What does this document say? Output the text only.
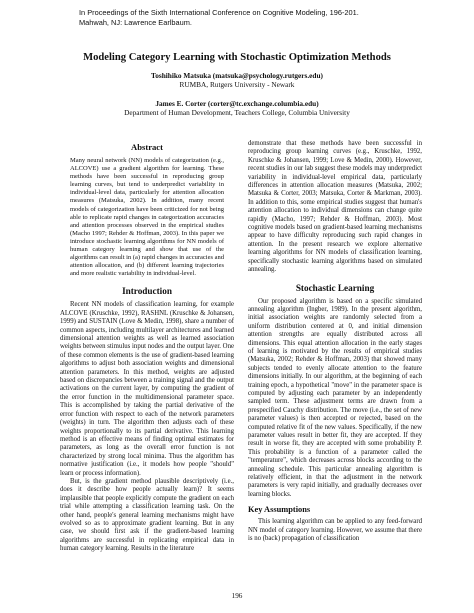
In Proceedings of the Sixth International Conference on Cognitive Modeling, 196-201.
Mahwah, NJ: Lawrence Earlbaum.
Modeling Category Learning with Stochastic Optimization Methods
Toshihiko Matsuka (matsuka@psychology.rutgers.edu)
RUMBA, Rutgers University - Newark
James E. Corter (corter@tc.exchange.columbia.edu)
Department of Human Development, Teachers College, Columbia University
Abstract

Many neural network (NN) models of categorization (e.g., ALCOVE) use a gradient algorithm for learning. These methods have been successful in reproducing group learning curves, but tend to underpredict variability in individual-level data, particularly for attention allocation measures (Matsuka, 2002). In addition, many recent models of categorization have been criticized for not being able to replicate rapid changes in categorization accuracies and attention processes observed in the empirical studies (Macho 1997; Rehder & Hoffman, 2003). In this paper we introduce stochastic learning algorithms for NN models of human category learning and show that use of the algorithms can result in (a) rapid changes in accuracies and attention allocation, and (b) different learning trajectories and more realistic variability in individual-level.

Introduction

Recent NN models of classification learning, for example ALCOVE (Kruschke, 1992), RASHNL (Kruschke & Johansen, 1999) and SUSTAIN (Love & Medin, 1998), share a number of common aspects, including multilayer architectures and learned dimensional attention weights as well as learned association weights between stimulus input nodes and the output layer. One of these common elements is the use of gradient-based learning algorithms to adjust both association weights and dimensional attention parameters. In this method, weights are adjusted based on discrepancies between a training signal and the output activations on the current layer, by computing the gradient of the error function in the multidimensional parameter space. This is accomplished by taking the partial derivative of the error function with respect to each of the network parameters (weights) in turn. The algorithm then adjusts each of these weights proportionally to its partial derivative. This learning method is an effective means of finding optimal estimates for parameters, as long as the overall error function is not characterized by strong local minima. Thus the algorithm has normative justification (i.e., it models how people "should" learn or process information).

But, is the gradient method plausible descriptively (i.e., does it describe how people actually learn)? It seems implausible that people explicitly compute the gradient on each trial while attempting a classification learning task. On the other hand, people's general learning mechanisms might have evolved so as to approximate gradient learning. But in any case, we should first ask if the gradient-based learning algorithms are successful in replicating empirical data in human category learning. Results in the literature

demonstrate that these methods have been successful in reproducing group learning curves (e.g., Kruschke, 1992, Kruschke & Johansen, 1999; Love & Medin, 2000). However, recent studies in our lab suggest these models may underpredict variability in individual-level empirical data, particularly differences in attention allocation measures (Matsuka, 2002; Matsuka & Corter, 2003; Matsuka, Corter & Markman, 2003). In addition to this, some empirical studies suggest that human's attention allocation to individual dimensions can change quite rapidly (Macho, 1997; Rehder & Hoffman, 2003). Most cognitive models based on gradient-based learning mechanisms appear to have difficulty reproducing such rapid changes in attention. In the present research we explore alternative learning algorithms for NN models of classification learning, specifically stochastic learning algorithms based on simulated annealing.

Stochastic Learning

Our proposed algorithm is based on a specific simulated annealing algorithm (Ingber, 1989). In the present algorithm, initial association weights are randomly selected from a uniform distribution centered at 0, and initial dimension attention strengths are equally distributed across all dimensions. This equal attention allocation in the early stages of learning is motivated by the results of empirical studies (Matsuka, 2002; Rehder & Hoffman, 2003) that showed many subjects tended to evenly allocate attention to the feature dimensions initially. In our algorithm, at the beginning of each training epoch, a hypothetical "move" in the parameter space is computed by adjusting each parameter by an independently sampled term. These adjustment terms are drawn from a prespecified Cauchy distribution. The move (i.e., the set of new parameter values) is then accepted or rejected, based on the computed relative fit of the new values. Specifically, if the new parameter values result in better fit, they are accepted. If they result in worse fit, they are accepted with some probability P. This probability is a function of a parameter called the "temperature", which decreases across blocks according to the annealing schedule. This particular annealing algorithm is relatively efficient, in that the adjustment in the network parameters is very rapid initially, and gradually decreases over learning blocks.

Key Assumptions

This learning algorithm can be applied to any feed-forward NN model of category learning. However, we assume that there is no (back) propagation of classification

196
